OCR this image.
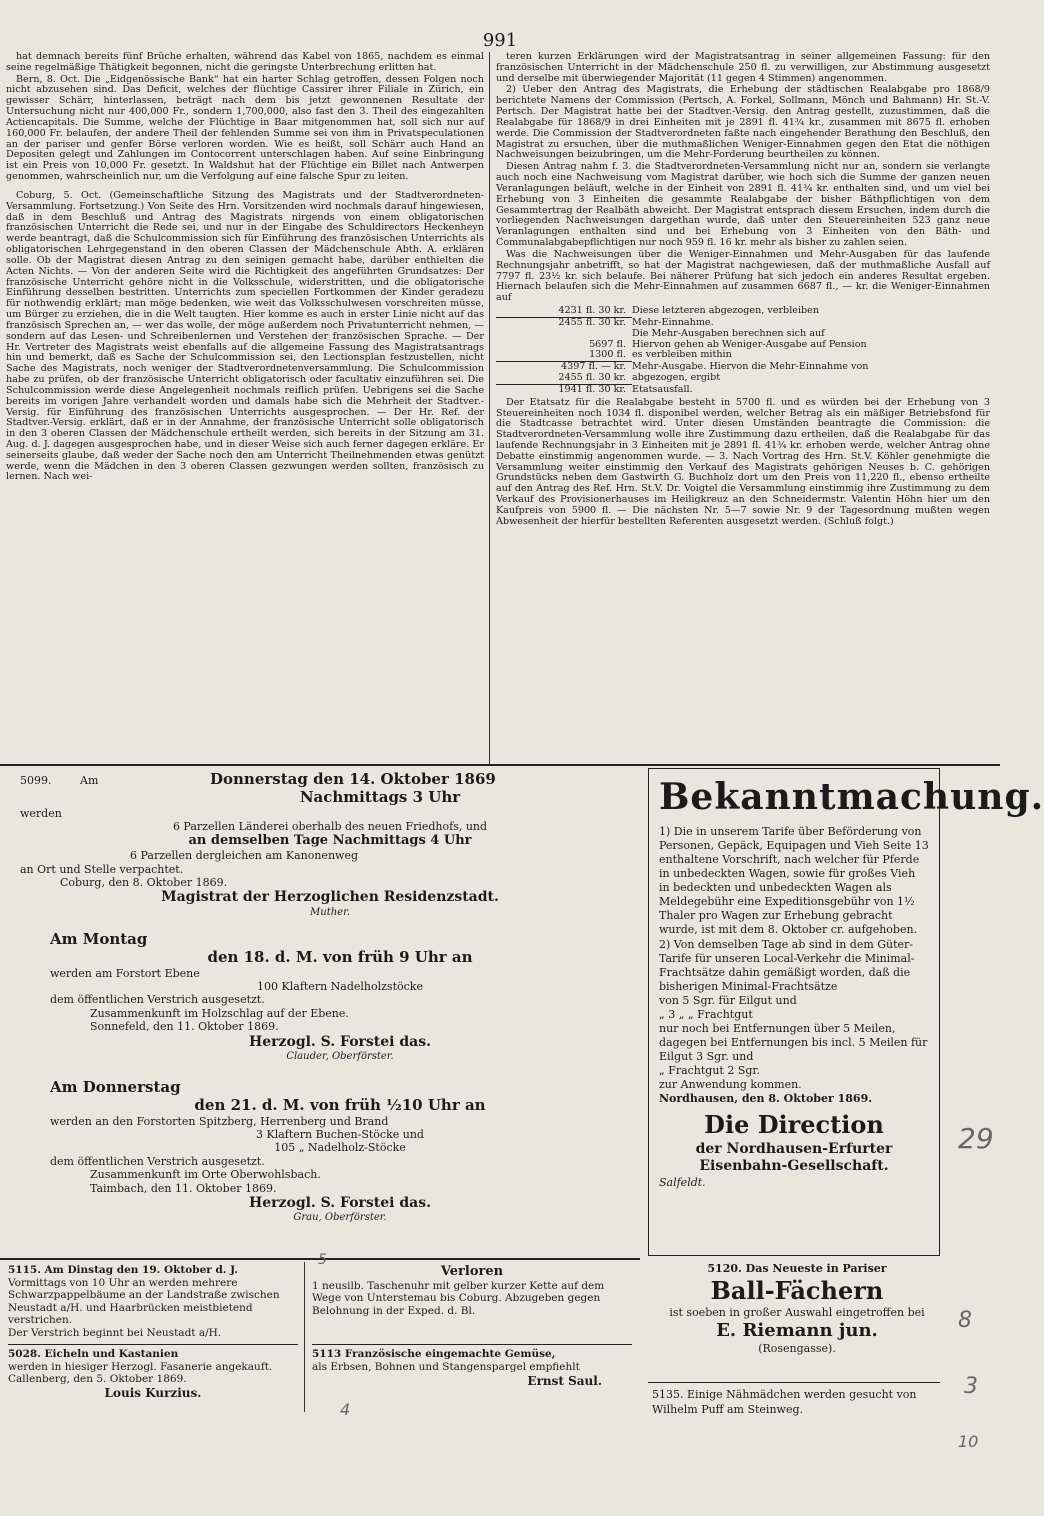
991

hat demnach bereits fünf Brüche erhalten, während das Kabel von 1865, nachdem es einmal seine regelmäßige Thätigkeit begonnen, nicht die geringste Unterbrechung erlitten hat.

Bern, 8. Oct. Die „Eidgenössische Bank“ hat ein harter Schlag getroffen, dessen Folgen noch nicht abzusehen sind. Das Deficit, welches der flüchtige Cassirer ihrer Filiale in Zürich, ein gewisser Schärr, hinterlassen, beträgt nach dem bis jetzt gewonnenen Resultate der Untersuchung nicht nur 400,000 Fr., sondern 1,700,000, also fast den 3. Theil des eingezahlten Actiencapitals. Die Summe, welche der Flüchtige in Baar mitgenommen hat, soll sich nur auf 160,000 Fr. belaufen, der andere Theil der fehlenden Summe sei von ihm in Privatspeculationen an der pariser und genfer Börse verloren worden. Wie es heißt, soll Schärr auch Hand an Depositen gelegt und Zahlungen im Contocorrent unterschlagen haben. Auf seine Einbringung ist ein Preis von 10,000 Fr. gesetzt. In Waldshut hat der Flüchtige ein Billet nach Antwerpen genommen, wahrscheinlich nur, um die Verfolgung auf eine falsche Spur zu leiten.

Coburg, 5. Oct. (Gemeinschaftliche Sitzung des Magistrats und der Stadtverordneten-Versammlung. Fortsetzung.) Von Seite des Hrn. Vorsitzenden wird nochmals darauf hingewiesen, daß in dem Beschluß und Antrag des Magistrats nirgends von einem obligatorischen französischen Unterricht die Rede sei, und nur in der Eingabe des Schuldirectors Heckenheyn werde beantragt, daß die Schulcommission sich für Einführung des französischen Unterrichts als obligatorischen Lehrgegenstand in den oberen Classen der Mädchenschule Abth. A. erklären solle. Ob der Magistrat diesen Antrag zu den seinigen gemacht habe, darüber enthielten die Acten Nichts. — Von der anderen Seite wird die Richtigkeit des angeführten Grundsatzes: Der französische Unterricht gehöre nicht in die Volksschule, widerstritten, und die obligatorische Einführung desselben bestritten. Unterrichts zum speciellen Fortkommen der Kinder geradezu für nothwendig erklärt; man möge bedenken, wie weit das Volksschulwesen vorschreiten müsse, um Bürger zu erziehen, die in die Welt taugten. Hier komme es auch in erster Linie nicht auf das französisch Sprechen an, — wer das wolle, der möge außerdem noch Privatunterricht nehmen, — sondern auf das Lesen- und Schreibenlernen und Verstehen der französischen Sprache. — Der Hr. Vertreter des Magistrats weist ebenfalls auf die allgemeine Fassung des Magistratsantrags hin und bemerkt, daß es Sache der Schulcommission sei, den Lectionsplan festzustellen, nicht Sache des Magistrats, noch weniger der Stadtverordnetenversammlung. Die Schulcommission habe zu prüfen, ob der französische Unterricht obligatorisch oder facultativ einzuführen sei. Die Schulcommission werde diese Angelegenheit nochmals reiflich prüfen. Uebrigens sei die Sache bereits im vorigen Jahre verhandelt worden und damals habe sich die Mehrheit der Stadtver.-Versig. für Einführung des französischen Unterrichts ausgesprochen. — Der Hr. Ref. der Stadtver.-Versig. erklärt, daß er in der Annahme, der französische Unterricht solle obligatorisch in den 3 oberen Classen der Mädchenschule ertheilt werden, sich bereits in der Sitzung am 31. Aug. d. J. dagegen ausgesprochen habe, und in dieser Weise sich auch ferner dagegen erkläre. Er seinerseits glaube, daß weder der Sache noch den am Unterricht Theilnehmenden etwas genützt werde, wenn die Mädchen in den 3 oberen Classen gezwungen werden sollten, französisch zu lernen. Nach wei-

teren kurzen Erklärungen wird der Magistratsantrag in seiner allgemeinen Fassung: für den französischen Unterricht in der Mädchenschule 250 fl. zu verwilligen, zur Abstimmung ausgesetzt und derselbe mit überwiegender Majorität (11 gegen 4 Stimmen) angenommen.

2) Ueber den Antrag des Magistrats, die Erhebung der städtischen Realabgabe pro 1868/9 berichtete Namens der Commission (Pertsch, A. Forkel, Sollmann, Mönch und Bahmann) Hr. St.-V. Pertsch. Der Magistrat hatte bei der Stadtver.-Versig. den Antrag gestellt, zuzustimmen, daß die Realabgabe für 1868/9 in drei Einheiten mit je 2891 fl. 41¾ kr., zusammen mit 8675 fl. erhoben werde. Die Commission der Stadtverordneten faßte nach eingehender Berathung den Beschluß, den Magistrat zu ersuchen, über die muthmaßlichen Weniger-Einnahmen gegen den Etat die nöthigen Nachweisungen beizubringen, um die Mehr-Forderung beurtheilen zu können.

Diesen Antrag nahm f. 3. die Stadtverordneten-Versammlung nicht nur an, sondern sie verlangte auch noch eine Nachweisung vom Magistrat darüber, wie hoch sich die Summe der ganzen neuen Veranlagungen beläuft, welche in der Einheit von 2891 fl. 41¾ kr. enthalten sind, und um viel bei Erhebung von 3 Einheiten die gesammte Realabgabe der bisher Bäthpflichtigen von dem Gesammtertrag der Realbäth abweicht. Der Magistrat entsprach diesem Ersuchen, indem durch die vorliegenden Nachweisungen dargethan wurde, daß unter den Steuereinheiten 523 ganz neue Veranlagungen enthalten sind und bei Erhebung von 3 Einheiten von den Bäth- und Communalabgabepflichtigen nur noch 959 fl. 16 kr. mehr als bisher zu zahlen seien.

Was die Nachweisungen über die Weniger-Einnahmen und Mehr-Ausgaben für das laufende Rechnungsjahr anbetrifft, so hat der Magistrat nachgewiesen, daß der muthmaßliche Ausfall auf 7797 fl. 23½ kr. sich belaufe. Bei näherer Prüfung hat sich jedoch ein anderes Resultat ergeben. Hiernach belaufen sich die Mehr-Einnahmen auf zusammen 6687 fl., — kr. die Weniger-Einnahmen auf

4231 fl. 30 kr. Diese letzteren abgezogen, verbleiben
2455 fl. 30 kr. Mehr-Einnahme.
Die Mehr-Ausgaben berechnen sich auf
5697 fl. Hiervon gehen ab Weniger-Ausgabe auf Pension
1300 fl. es verbleiben mithin
4397 fl. — kr. Mehr-Ausgabe. Hiervon die Mehr-Einnahme von
2455 fl. 30 kr. abgezogen, ergibt
1941 fl. 30 kr. Etatsausfall.

Der Etatsatz für die Realabgabe besteht in 5700 fl. und es würden bei der Erhebung von 3 Steuereinheiten noch 1034 fl. disponibel werden, welcher Betrag als ein mäßiger Betriebsfond für die Stadtcasse betrachtet wird. Unter diesen Umständen beantragte die Commission: die Stadtverordneten-Versammlung wolle ihre Zustimmung dazu ertheilen, daß die Realabgabe für das laufende Rechnungsjahr in 3 Einheiten mit je 2891 fl. 41¾ kr. erhoben werde, welcher Antrag ohne Debatte einstimmig angenommen wurde. — 3. Nach Vortrag des Hrn. St.V. Köhler genehmigte die Versammlung weiter einstimmig den Verkauf des Magistrats gehörigen Neuses b. C. gehörigen Grundstücks neben dem Gastwirth G. Buchholz dort um den Preis von 11,220 fl., ebenso ertheilte auf den Antrag des Ref. Hrn. St.V. Dr. Voigtel die Versammlung einstimmig ihre Zustimmung zu dem Verkauf des Provisionerhauses im Heiligkreuz an den Schneidermstr. Valentin Höhn hier um den Kaufpreis von 5900 fl. — Die nächsten Nr. 5—7 sowie Nr. 9 der Tagesordnung mußten wegen Abwesenheit der hierfür bestellten Referenten ausgesetzt werden. (Schluß folgt.)

5099.	Am	Donnerstag den 14. Oktober 1869
Nachmittags 3 Uhr
werden
6 Parzellen Länderei oberhalb des neuen Friedhofs, und
an demselben Tage Nachmittags 4 Uhr
6 Parzellen dergleichen am Kanonenweg
an Ort und Stelle verpachtet.
Coburg, den 8. Oktober 1869.
Magistrat der Herzoglichen Residenzstadt.
Muther.
Am Montag
den 18. d. M. von früh 9 Uhr an
werden am Forstort Ebene
100 Klaftern Nadelholzstöcke
dem öffentlichen Verstrich ausgesetzt.
Zusammenkunft im Holzschlag auf der Ebene.
Sonnefeld, den 11. Oktober 1869.
Herzogl. S. Forstei das.
Clauder, Oberförster.
Am Donnerstag
den 21. d. M. von früh ½10 Uhr an
werden an den Forstorten Spitzberg, Herrenberg und Brand
3 Klaftern Buchen-Stöcke und
105 „ Nadelholz-Stöcke
dem öffentlichen Verstrich ausgesetzt.
Zusammenkunft im Orte Oberwohlsbach.
Taimbach, den 11. Oktober 1869.
Herzogl. S. Forstei das.
Grau, Oberförster.
5115. Am Dinstag den 19. Oktober d. J.
Vormittags von 10 Uhr an werden mehrere Schwarzpappelbäume an der Landstraße zwischen Neustadt a/H. und Haarbrücken meistbietend verstrichen.
Der Verstrich beginnt bei Neustadt a/H.
5028. Eicheln und Kastanien
werden in hiesiger Herzogl. Fasanerie angekauft.
Callenberg, den 5. Oktober 1869.
Louis Kurzius.
Verloren
1 neusilb. Taschenuhr mit gelber kurzer Kette auf dem Wege von Unterstemau bis Coburg. Abzugeben gegen Belohnung in der Exped. d. Bl.
5113 Französische eingemachte Gemüse,
als Erbsen, Bohnen und Stangenspargel empfiehlt
Ernst Saul.
Bekanntmachung.
1) Die in unserem Tarife über Beförderung von Personen, Gepäck, Equipagen und Vieh Seite 13 enthaltene Vorschrift, nach welcher für Pferde in unbedeckten Wagen, sowie für großes Vieh in bedeckten und unbedeckten Wagen als Meldegebühr eine Expeditionsgebühr von 1½ Thaler pro Wagen zur Erhebung gebracht wurde, ist mit dem 8. Oktober cr. aufgehoben.
2) Von demselben Tage ab sind in dem Güter-Tarife für unseren Local-Verkehr die Minimal-Frachtsätze dahin gemäßigt worden, daß die bisherigen Minimal-Frachtsätze
von 5 Sgr. für Eilgut und
„ 3 „ „ Frachtgut
nur noch bei Entfernungen über 5 Meilen, dagegen bei Entfernungen bis incl. 5 Meilen für Eilgut 3 Sgr. und
„ Frachtgut 2 Sgr.
zur Anwendung kommen.
Nordhausen, den 8. Oktober 1869.
Die Direction
der Nordhausen-Erfurter Eisenbahn-Gesellschaft.
Salfeldt.
5120. Das Neueste in Pariser
Ball-Fächern
ist soeben in großer Auswahl eingetroffen bei
E. Riemann jun.
(Rosengasse).
5135. Einige Nähmädchen werden gesucht von Wilhelm Puff am Steinweg.
29
8
3
10
5
4
